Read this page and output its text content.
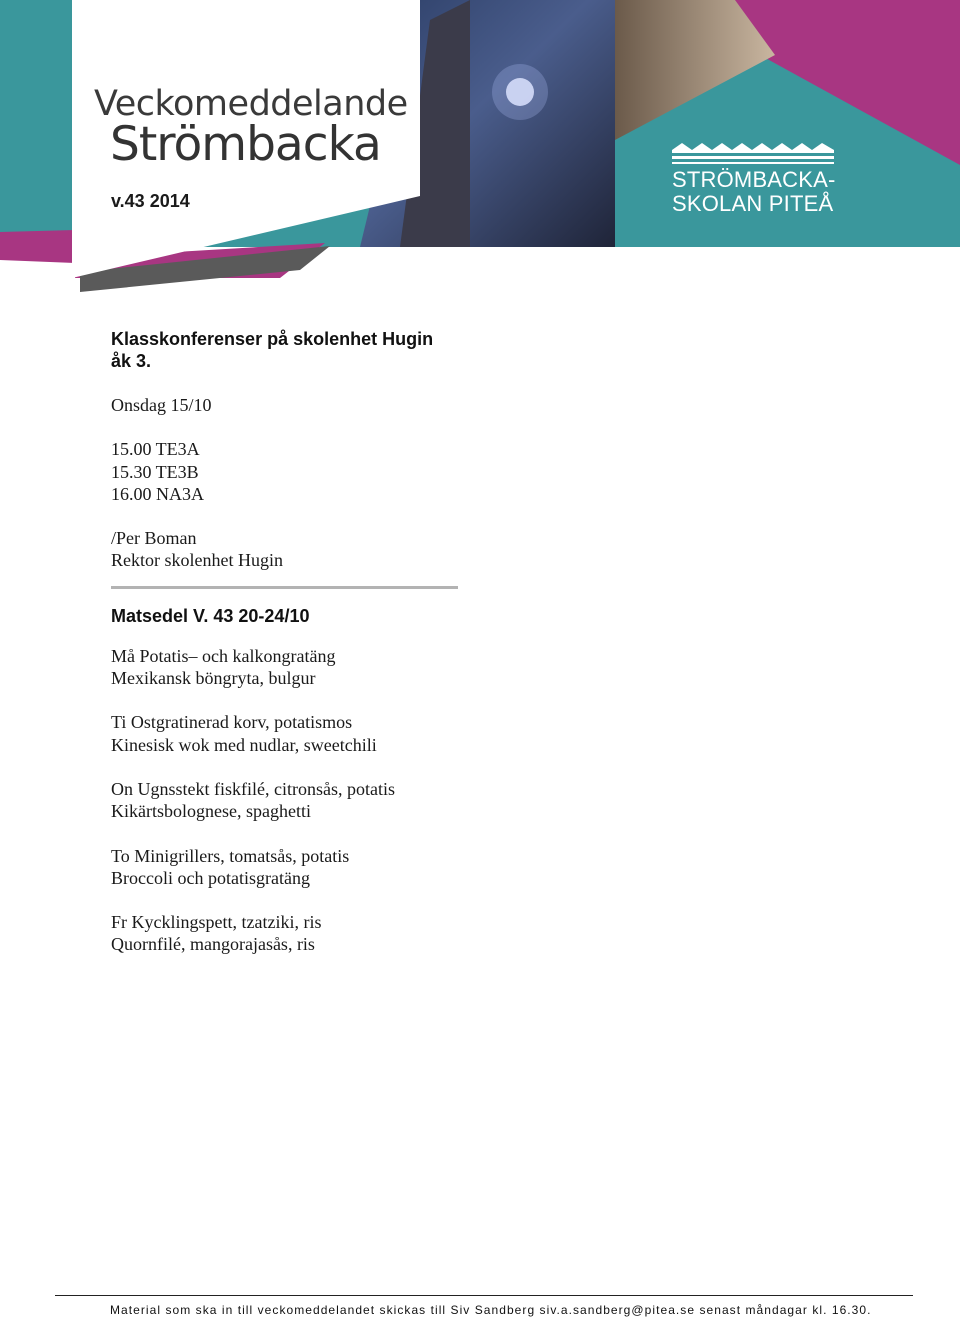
Veckomeddelande
Strömbacka
v.43 2014
STRÖMBACKA-
SKOLAN PITEÅ
Klasskonferenser på skolenhet Hugin
åk 3.
Onsdag 15/10
15.00 TE3A
15.30 TE3B
16.00 NA3A
/Per Boman
Rektor skolenhet Hugin
Matsedel V. 43 20-24/10
Må Potatis– och kalkongratäng
Mexikansk böngryta, bulgur
Ti Ostgratinerad korv, potatismos
Kinesisk wok med nudlar, sweetchili
On Ugnsstekt fiskfilé, citronsås, potatis
Kikärtsbolognese, spaghetti
To Minigrillers, tomatsås, potatis
Broccoli och potatisgratäng
Fr Kycklingspett, tzatziki, ris
Quornfilé, mangorajasås, ris
Material som ska in till veckomeddelandet skickas till Siv Sandberg siv.a.sandberg@pitea.se senast måndagar kl. 16.30.
